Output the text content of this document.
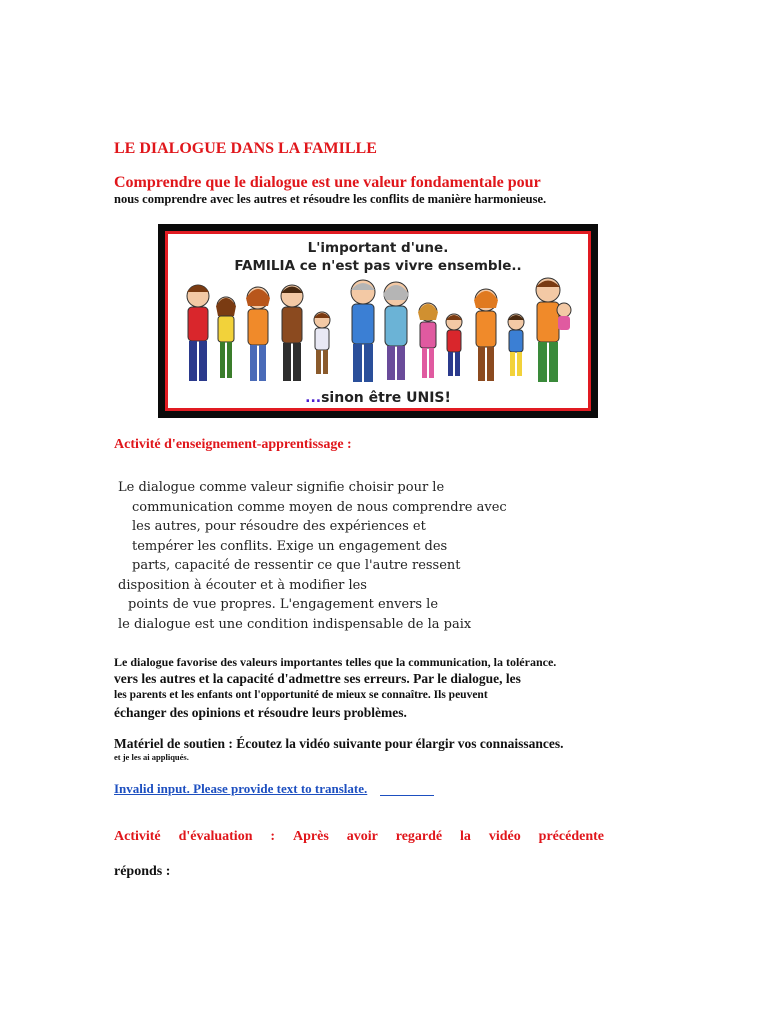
LE DIALOGUE DANS LA FAMILLE
Comprendre que le dialogue est une valeur fondamentale pour
nous comprendre avec les autres et résoudre les conflits de manière harmonieuse.
L'important d'une.
FAMILIA ce n'est pas vivre ensemble..
...sinon être UNIS!
Activité d'enseignement-apprentissage :
Le dialogue comme valeur signifie choisir pour le
communication comme moyen de nous comprendre avec
les autres, pour résoudre des expériences et
tempérer les conflits. Exige un engagement des
parts, capacité de ressentir ce que l'autre ressent
disposition à écouter et à modifier les
points de vue propres. L'engagement envers le
le dialogue est une condition indispensable de la paix
Le dialogue favorise des valeurs importantes telles que la communication, la tolérance.
vers les autres et la capacité d'admettre ses erreurs. Par le dialogue, les
les parents et les enfants ont l'opportunité de mieux se connaître. Ils peuvent
échanger des opinions et résoudre leurs problèmes.
Matériel de soutien : Écoutez la vidéo suivante pour élargir vos connaissances.
et je les ai appliqués.
Invalid input. Please provide text to translate.
Activité d'évaluation : Après avoir regardé la vidéo précédente
réponds :
